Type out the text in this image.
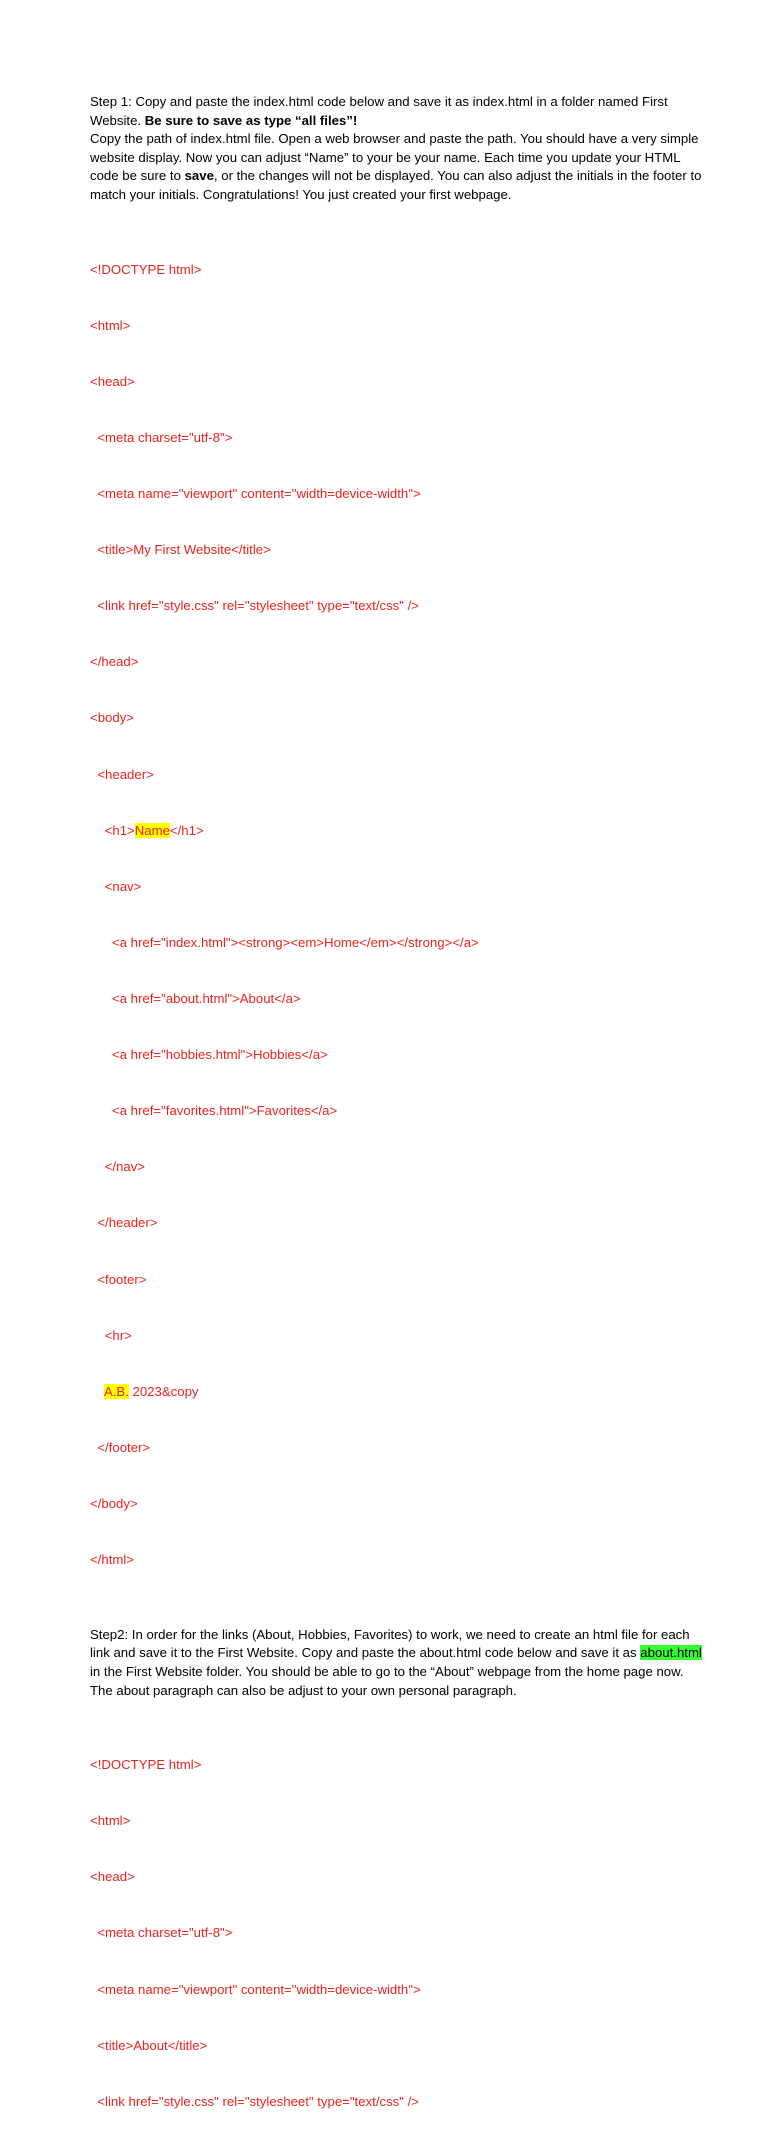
Step 1: Copy and paste the index.html code below and save it as index.html in a folder named First
Website. Be sure to save as type “all files”!
Copy the path of index.html file. Open a web browser and paste the path. You should have a very simple
website display. Now you can adjust “Name” to your be your name. Each time you update your HTML
code be sure to save, or the changes will not be displayed. You can also adjust the initials in the footer to
match your initials. Congratulations! You just created your first webpage.

<!DOCTYPE html>

<html>

<head>

<meta charset="utf-8">

<meta name="viewport" content="width=device-width">

<title>My First Website</title>

<link href="style.css" rel="stylesheet" type="text/css" />

</head>

<body>

<header>

<h1>Name</h1>

<nav>

<a href="index.html"><strong><em>Home</em></strong></a>

<a href="about.html">About</a>

<a href="hobbies.html">Hobbies</a>

<a href="favorites.html">Favorites</a>

</nav>

</header>

<footer>

<hr>

A.B. 2023&copy

</footer>

</body>

</html>

Step2: In order for the links (About, Hobbies, Favorites) to work, we need to create an html file for each
link and save it to the First Website. Copy and paste the about.html code below and save it as about.html
in the First Website folder. You should be able to go to the “About” webpage from the home page now.
The about paragraph can also be adjust to your own personal paragraph.

<!DOCTYPE html>

<html>

<head>

<meta charset="utf-8">

<meta name="viewport" content="width=device-width">

<title>About</title>

<link href="style.css" rel="stylesheet" type="text/css" />
